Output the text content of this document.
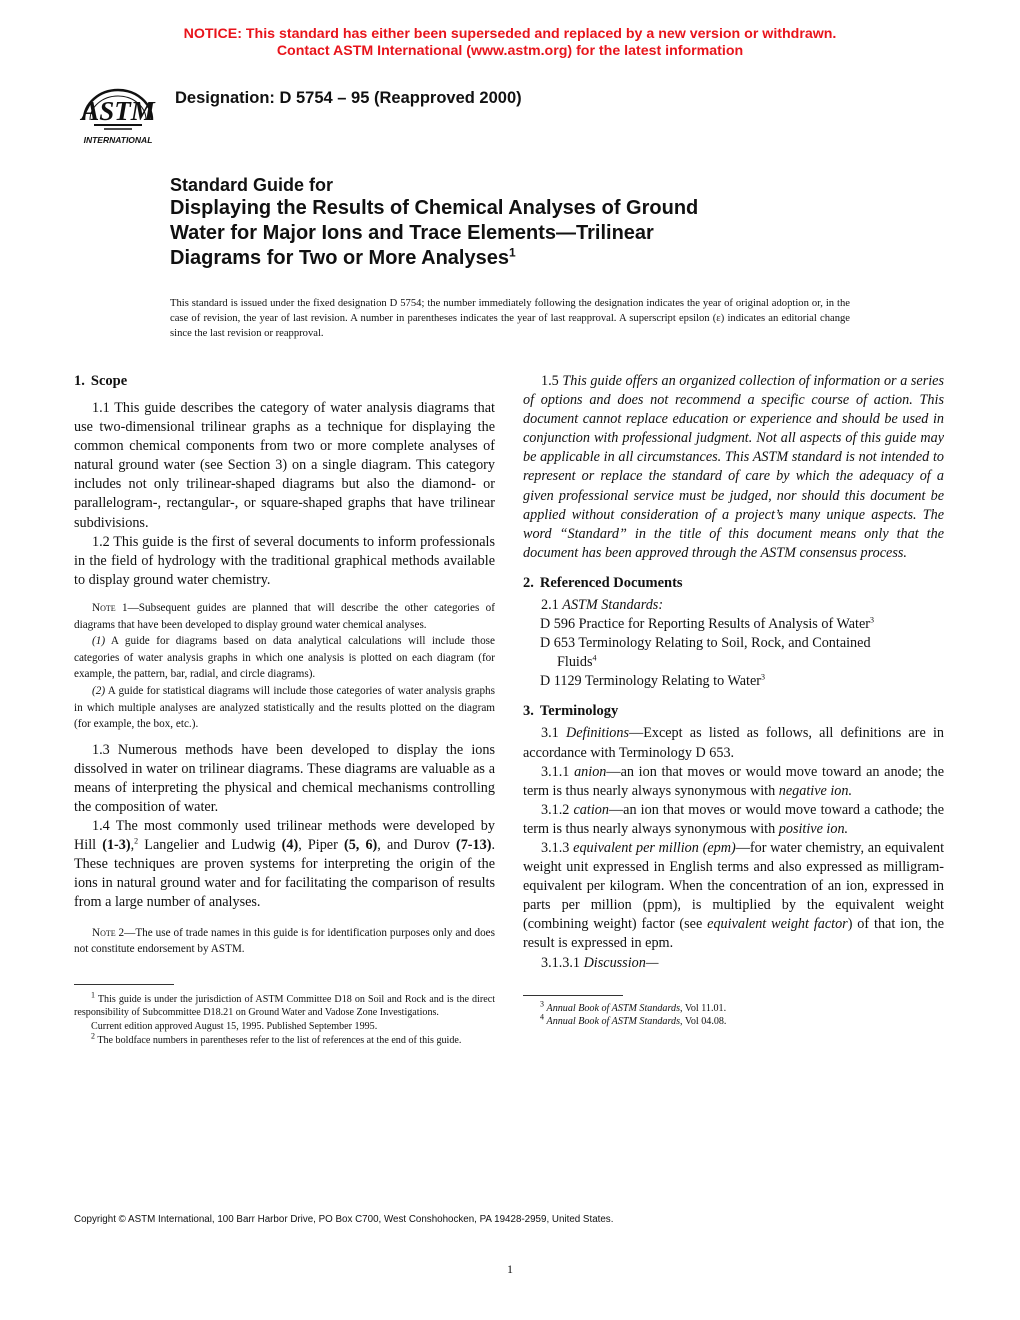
NOTICE: This standard has either been superseded and replaced by a new version or withdrawn.
Contact ASTM International (www.astm.org) for the latest information
ASTM
INTERNATIONAL
Designation: D 5754 – 95 (Reapproved 2000)
Standard Guide for
Displaying the Results of Chemical Analyses of Ground
Water for Major Ions and Trace Elements—Trilinear
Diagrams for Two or More Analyses$^1$
This standard is issued under the fixed designation D 5754; the number immediately following the designation indicates the year of original adoption or, in the case of revision, the year of last revision. A number in parentheses indicates the year of last reapproval. A superscript epsilon (ε) indicates an editorial change since the last revision or reapproval.
1. Scope

1.1 This guide describes the category of water analysis diagrams that use two-dimensional trilinear graphs as a technique for displaying the common chemical components from two or more complete analyses of natural ground water (see Section 3) on a single diagram. This category includes not only trilinear-shaped diagrams but also the diamond- or parallelogram-, rectangular-, or square-shaped graphs that have trilinear subdivisions.

1.2 This guide is the first of several documents to inform professionals in the field of hydrology with the traditional graphical methods available to display ground water chemistry.

Note 1—Subsequent guides are planned that will describe the other categories of diagrams that have been developed to display ground water chemical analyses.

(1) A guide for diagrams based on data analytical calculations will include those categories of water analysis graphs in which one analysis is plotted on each diagram (for example, the pattern, bar, radial, and circle diagrams).

(2) A guide for statistical diagrams will include those categories of water analysis graphs in which multiple analyses are analyzed statistically and the results plotted on the diagram (for example, the box, etc.).

1.3 Numerous methods have been developed to display the ions dissolved in water on trilinear diagrams. These diagrams are valuable as a means of interpreting the physical and chemical mechanisms controlling the composition of water.

1.4 The most commonly used trilinear methods were developed by Hill (1-3),$^2$ Langelier and Ludwig (4), Piper (5, 6), and Durov (7-13). These techniques are proven systems for interpreting the origin of the ions in natural ground water and for facilitating the comparison of results from a large number of analyses.

Note 2—The use of trade names in this guide is for identification purposes only and does not constitute endorsement by ASTM.

$^1$ This guide is under the jurisdiction of ASTM Committee D18 on Soil and Rock and is the direct responsibility of Subcommittee D18.21 on Ground Water and Vadose Zone Investigations.

Current edition approved August 15, 1995. Published September 1995.

$^2$ The boldface numbers in parentheses refer to the list of references at the end of this guide.

1.5 This guide offers an organized collection of information or a series of options and does not recommend a specific course of action. This document cannot replace education or experience and should be used in conjunction with professional judgment. Not all aspects of this guide may be applicable in all circumstances. This ASTM standard is not intended to represent or replace the standard of care by which the adequacy of a given professional service must be judged, nor should this document be applied without consideration of a project’s many unique aspects. The word “Standard” in the title of this document means only that the document has been approved through the ASTM consensus process.

2. Referenced Documents

2.1 ASTM Standards:

D 596 Practice for Reporting Results of Analysis of Water$^3$

D 653 Terminology Relating to Soil, Rock, and Contained
Fluids$^4$

D 1129 Terminology Relating to Water$^3$

3. Terminology

3.1 Definitions—Except as listed as follows, all definitions are in accordance with Terminology D 653.

3.1.1 anion—an ion that moves or would move toward an anode; the term is thus nearly always synonymous with negative ion.

3.1.2 cation—an ion that moves or would move toward a cathode; the term is thus nearly always synonymous with positive ion.

3.1.3 equivalent per million (epm)—for water chemistry, an equivalent weight unit expressed in English terms and also expressed as milligram-equivalent per kilogram. When the concentration of an ion, expressed in parts per million (ppm), is multiplied by the equivalent weight (combining weight) factor (see equivalent weight factor) of that ion, the result is expressed in epm.

3.1.3.1 Discussion—

$^3$ Annual Book of ASTM Standards, Vol 11.01.

$^4$ Annual Book of ASTM Standards, Vol 04.08.

Copyright © ASTM International, 100 Barr Harbor Drive, PO Box C700, West Conshohocken, PA 19428-2959, United States.
1
